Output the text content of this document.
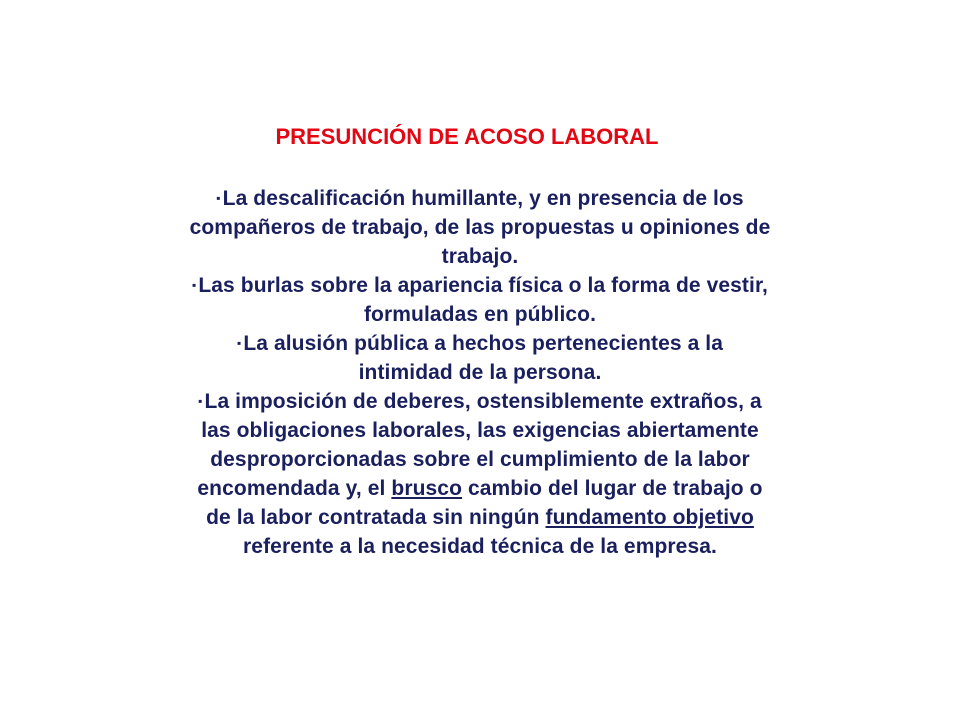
PRESUNCIÓN DE ACOSO LABORAL
▪La descalificación humillante, y en presencia de los
compañeros de trabajo, de las propuestas u opiniones de
trabajo.
▪Las burlas sobre la apariencia física o la forma de vestir,
formuladas en público.
▪La alusión pública a hechos pertenecientes a la
intimidad de la persona.
▪La imposición de deberes, ostensiblemente extraños, a
las obligaciones laborales, las exigencias abiertamente
desproporcionadas sobre el cumplimiento de la labor
encomendada y, el brusco cambio del lugar de trabajo o
de la labor contratada sin ningún fundamento objetivo
referente a la necesidad técnica de la empresa.
